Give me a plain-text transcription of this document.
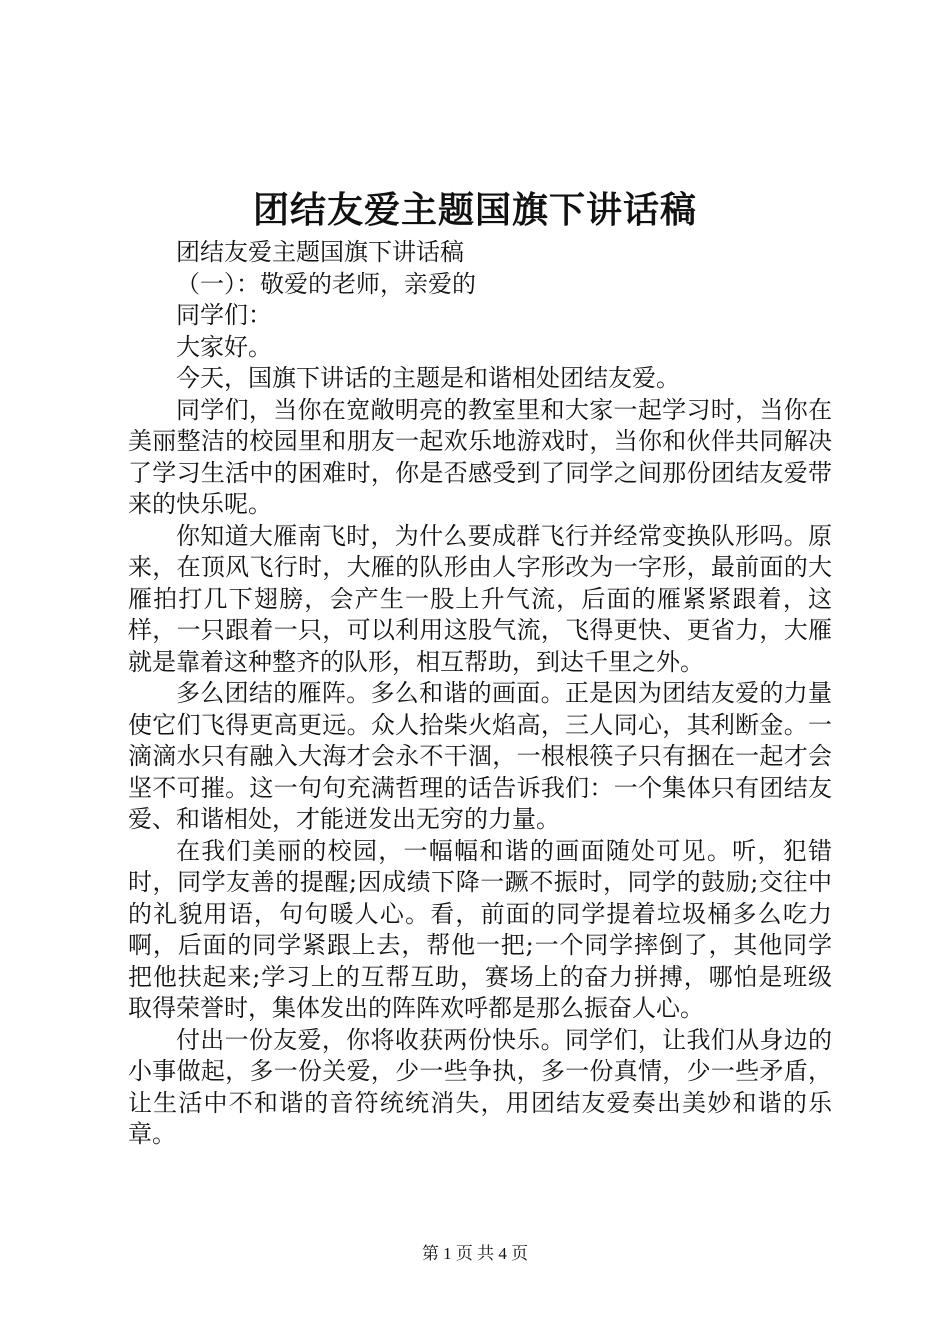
团结友爱主题国旗下讲话稿

团结友爱主题国旗下讲话稿

（一）：敬爱的老师，亲爱的

同学们：

大家好。

今天，国旗下讲话的主题是和谐相处团结友爱。

同学们，当你在宽敞明亮的教室里和大家一起学习时，当你在美丽整洁的校园里和朋友一起欢乐地游戏时，当你和伙伴共同解决了学习生活中的困难时，你是否感受到了同学之间那份团结友爱带来的快乐呢。

你知道大雁南飞时，为什么要成群飞行并经常变换队形吗。原来，在顶风飞行时，大雁的队形由人字形改为一字形，最前面的大雁拍打几下翅膀，会产生一股上升气流，后面的雁紧紧跟着，这样，一只跟着一只，可以利用这股气流，飞得更快、更省力，大雁就是靠着这种整齐的队形，相互帮助，到达千里之外。

多么团结的雁阵。多么和谐的画面。正是因为团结友爱的力量使它们飞得更高更远。众人拾柴火焰高，三人同心，其利断金。一滴滴水只有融入大海才会永不干涸，一根根筷子只有捆在一起才会坚不可摧。这一句句充满哲理的话告诉我们：一个集体只有团结友爱、和谐相处，才能迸发出无穷的力量。

在我们美丽的校园，一幅幅和谐的画面随处可见。听，犯错时，同学友善的提醒;因成绩下降一蹶不振时，同学的鼓励;交往中的礼貌用语，句句暖人心。看，前面的同学提着垃圾桶多么吃力啊，后面的同学紧跟上去，帮他一把;一个同学摔倒了，其他同学把他扶起来;学习上的互帮互助，赛场上的奋力拼搏，哪怕是班级取得荣誉时，集体发出的阵阵欢呼都是那么振奋人心。

付出一份友爱，你将收获两份快乐。同学们，让我们从身边的小事做起，多一份关爱，少一些争执，多一份真情，少一些矛盾，让生活中不和谐的音符统统消失，用团结友爱奏出美妙和谐的乐章。

第 1 页 共 4 页
